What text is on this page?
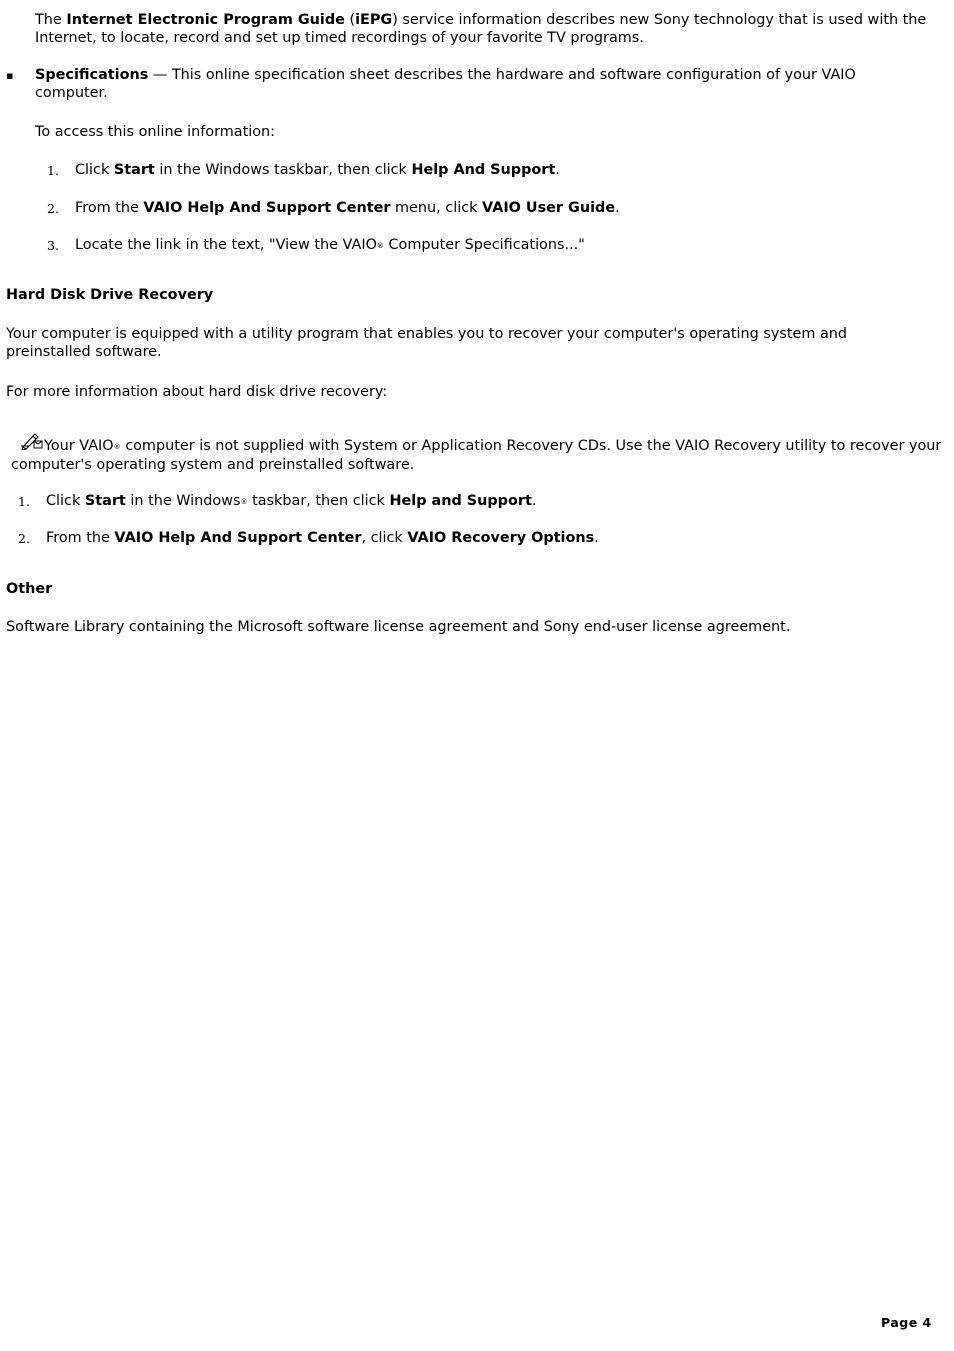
The Internet Electronic Program Guide (iEPG) service information describes new Sony technology that is used with the Internet, to locate, record and set up timed recordings of your favorite TV programs.

▪ Specifications — This online specification sheet describes the hardware and software configuration of your VAIO computer.

To access this online information:

1. Click Start in the Windows taskbar, then click Help And Support.

2. From the VAIO Help And Support Center menu, click VAIO User Guide.

3. Locate the link in the text, "View the VAIO® Computer Specifications..."

Hard Disk Drive Recovery

Your computer is equipped with a utility program that enables you to recover your computer's operating system and preinstalled software.

For more information about hard disk drive recovery:

Your VAIO® computer is not supplied with System or Application Recovery CDs. Use the VAIO Recovery utility to recover your computer's operating system and preinstalled software.

1. Click Start in the Windows® taskbar, then click Help and Support.

2. From the VAIO Help And Support Center, click VAIO Recovery Options.

Other

Software Library containing the Microsoft software license agreement and Sony end-user license agreement.

Page 4
